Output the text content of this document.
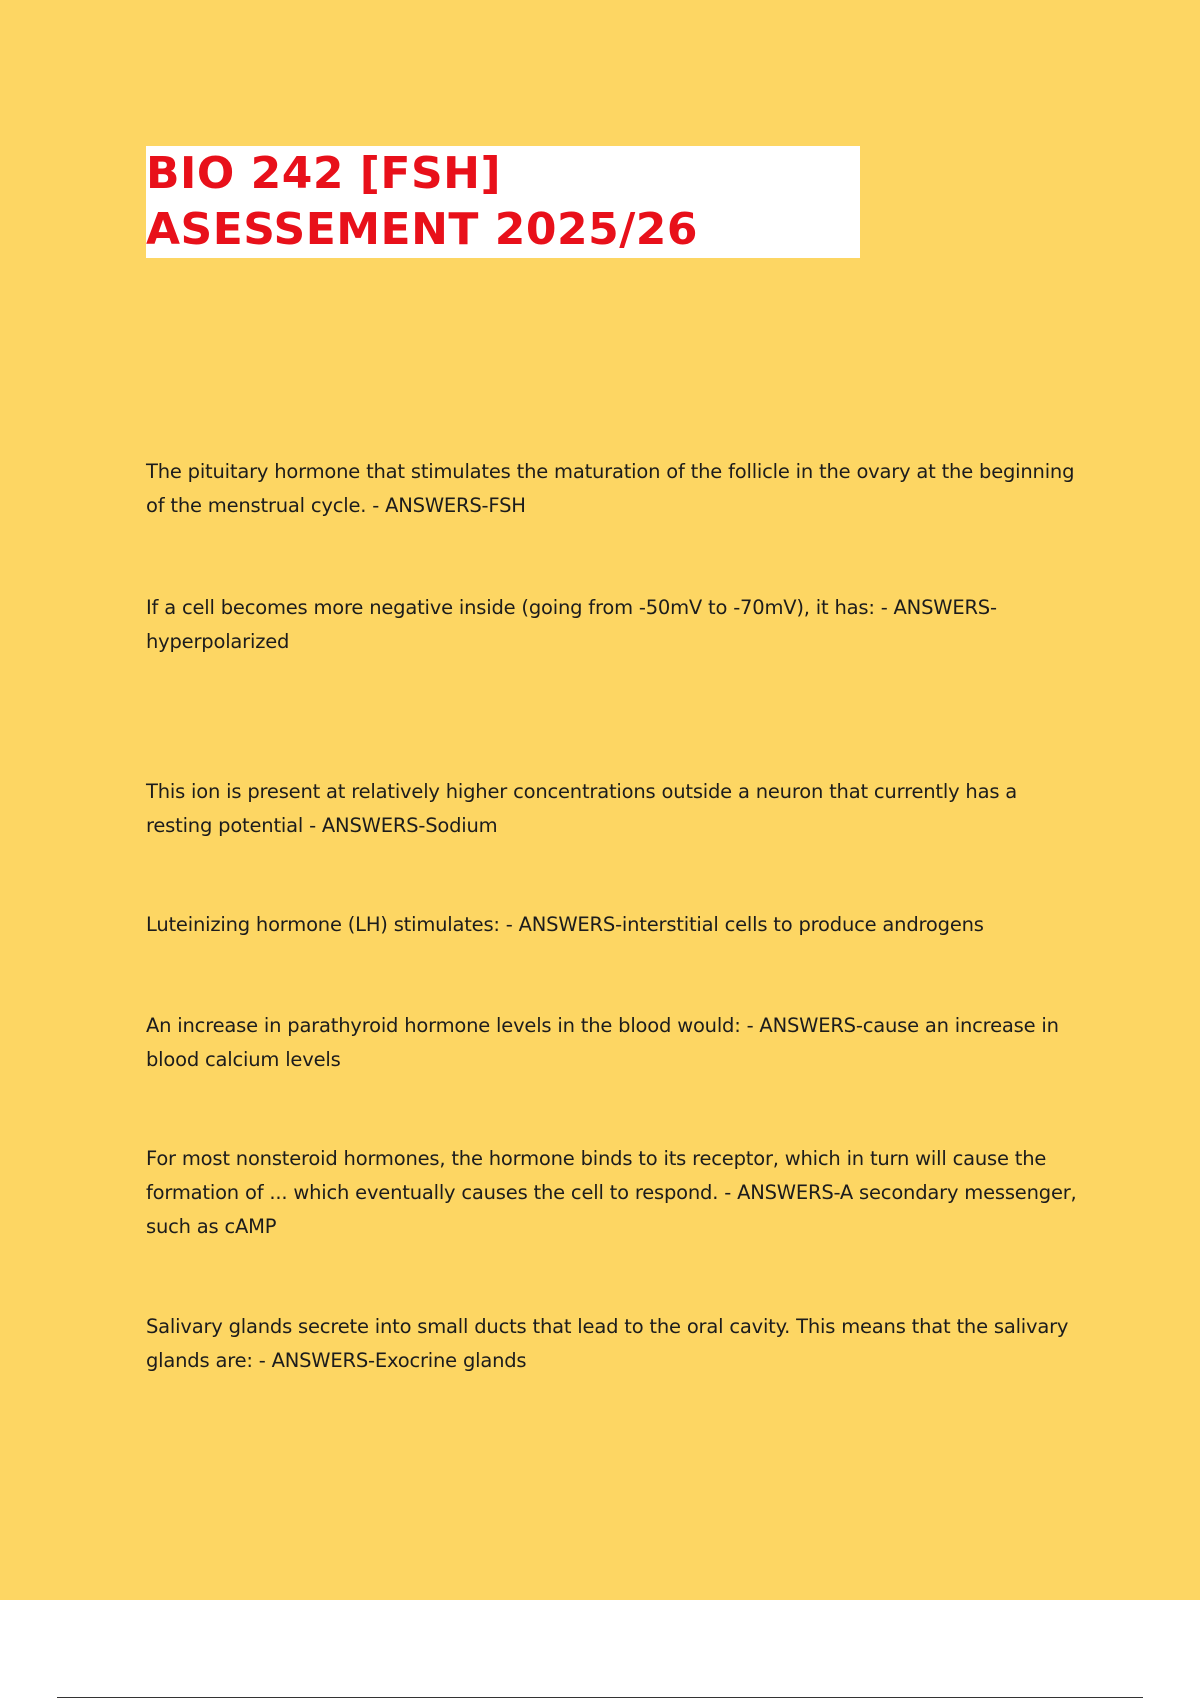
BIO 242 [FSH]
ASESSEMENT 2025/26

The pituitary hormone that stimulates the maturation of the follicle in the ovary at the beginning of the menstrual cycle. - ANSWERS-FSH

If a cell becomes more negative inside (going from -50mV to -70mV), it has: - ANSWERS-hyperpolarized

This ion is present at relatively higher concentrations outside a neuron that currently has a resting potential - ANSWERS-Sodium

Luteinizing hormone (LH) stimulates: - ANSWERS-interstitial cells to produce androgens

An increase in parathyroid hormone levels in the blood would: - ANSWERS-cause an increase in blood calcium levels

For most nonsteroid hormones, the hormone binds to its receptor, which in turn will cause the formation of ... which eventually causes the cell to respond. - ANSWERS-A secondary messenger, such as cAMP

Salivary glands secrete into small ducts that lead to the oral cavity. This means that the salivary glands are: - ANSWERS-Exocrine glands
